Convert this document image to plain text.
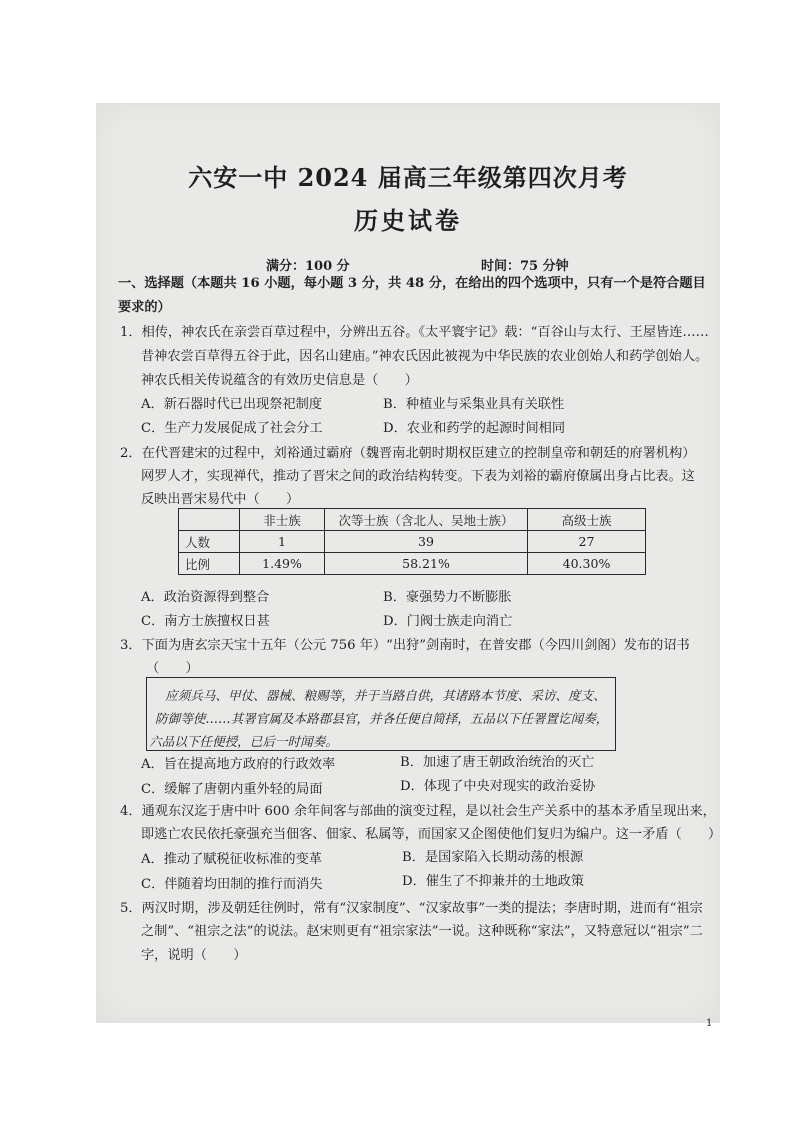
六安一中 2024 届高三年级第四次月考
历史试卷
满分：100 分	时间：75 分钟
一、选择题（本题共 16 小题，每小题 3 分，共 48 分，在给出的四个选项中，只有一个是符合题目
要求的）
1．相传，神农氏在亲尝百草过程中，分辨出五谷。《太平寰宇记》载：“百谷山与太行、王屋皆连……
昔神农尝百草得五谷于此，因名山建庙。”神农氏因此被视为中华民族的农业创始人和药学创始人。
神农氏相关传说蕴含的有效历史信息是（　　）
A．新石器时代已出现祭祀制度	B．种植业与采集业具有关联性
C．生产力发展促成了社会分工	D．农业和药学的起源时间相同
2．在代晋建宋的过程中，刘裕通过霸府（魏晋南北朝时期权臣建立的控制皇帝和朝廷的府署机构）
网罗人才，实现禅代，推动了晋宋之间的政治结构转变。下表为刘裕的霸府僚属出身占比表。这
反映出晋宋易代中（　　）
	非士族	次等士族（含北人、吴地士族）	高级士族
人数	1	39	27
比例	1.49%	58.21%	40.30%
A．政治资源得到整合	B．豪强势力不断膨胀
C．南方士族擅权日甚	D．门阀士族走向消亡
3．下面为唐玄宗天宝十五年（公元 756 年）“出狩”剑南时，在普安郡（今四川剑阁）发布的诏书
（　　）
应须兵马、甲仗、器械、粮赐等，并于当路自供，其诸路本节度、采访、度支、
防御等使……其署官属及本路郡县官，并各任便自简择，五品以下任署置讫闻奏，
六品以下任便授，已后一时闻奏。
A．旨在提高地方政府的行政效率	B．加速了唐王朝政治统治的灭亡
C．缓解了唐朝内重外轻的局面	D．体现了中央对现实的政治妥协
4．通观东汉迄于唐中叶 600 余年间客与部曲的演变过程，是以社会生产关系中的基本矛盾呈现出来，
即逃亡农民依托豪强充当佃客、佃家、私属等，而国家又企图使他们复归为编户。这一矛盾（　　）
A．推动了赋税征收标准的变革	B．是国家陷入长期动荡的根源
C．伴随着均田制的推行而消失	D．催生了不抑兼并的土地政策
5．两汉时期，涉及朝廷往例时，常有“汉家制度”、“汉家故事”一类的提法；李唐时期，进而有“祖宗
之制”、“祖宗之法”的说法。赵宋则更有“祖宗家法”一说。这种既称“家法”，又特意冠以“祖宗”二
字，说明（　　）
1
